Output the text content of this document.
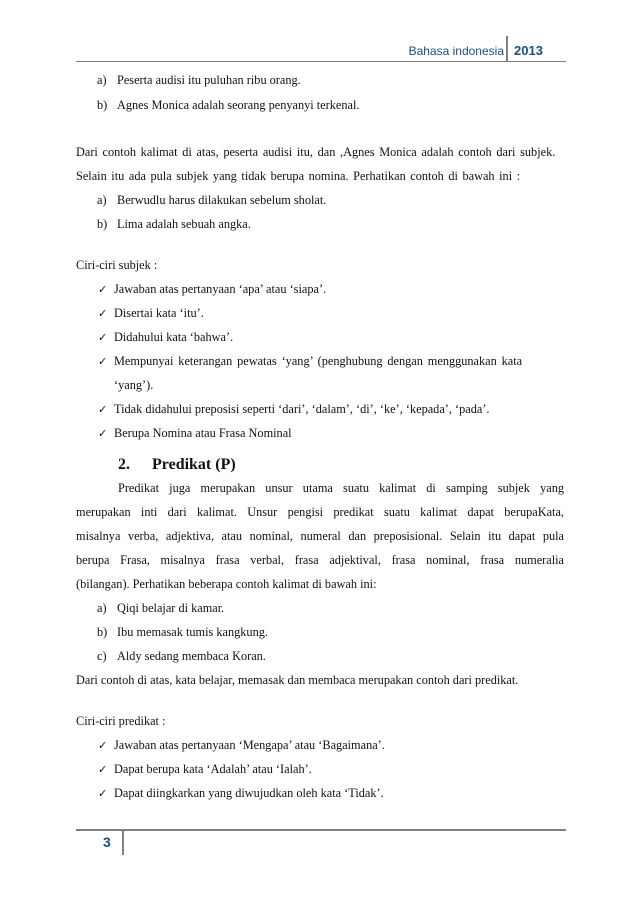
Bahasa indonesia 2013
a) Peserta audisi itu puluhan ribu orang.
b) Agnes Monica adalah seorang penyanyi terkenal.
Dari contoh kalimat di atas, peserta audisi itu, dan ,Agnes Monica adalah contoh dari subjek.
Selain itu ada pula subjek yang tidak berupa nomina. Perhatikan contoh di bawah ini :
a) Berwudlu harus dilakukan sebelum sholat.
b) Lima adalah sebuah angka.
Ciri-ciri subjek :
✓ Jawaban atas pertanyaan ‘apa’ atau ‘siapa’.
✓ Disertai kata ‘itu’.
✓ Didahului kata ‘bahwa’.
✓ Mempunyai keterangan pewatas ‘yang’ (penghubung dengan menggunakan kata
‘yang’).
✓ Tidak didahului preposisi seperti ‘dari’, ‘dalam’, ‘di’, ‘ke’, ‘kepada’, ‘pada’.
✓ Berupa Nomina atau Frasa Nominal
2. Predikat (P)
Predikat juga merupakan unsur utama suatu kalimat di samping subjek yang
merupakan inti dari kalimat. Unsur pengisi predikat suatu kalimat dapat berupaKata,
misalnya verba, adjektiva, atau nominal, numeral dan preposisional. Selain itu dapat pula
berupa Frasa, misalnya frasa verbal, frasa adjektival, frasa nominal, frasa numeralia
(bilangan). Perhatikan beberapa contoh kalimat di bawah ini:
a) Qiqi belajar di kamar.
b) Ibu memasak tumis kangkung.
c) Aldy sedang membaca Koran.
Dari contoh di atas, kata belajar, memasak dan membaca merupakan contoh dari predikat.
Ciri-ciri predikat :
✓ Jawaban atas pertanyaan ‘Mengapa’ atau ‘Bagaimana’.
✓ Dapat berupa kata ‘Adalah’ atau ‘Ialah’.
✓ Dapat diingkarkan yang diwujudkan oleh kata ‘Tidak’.
3
